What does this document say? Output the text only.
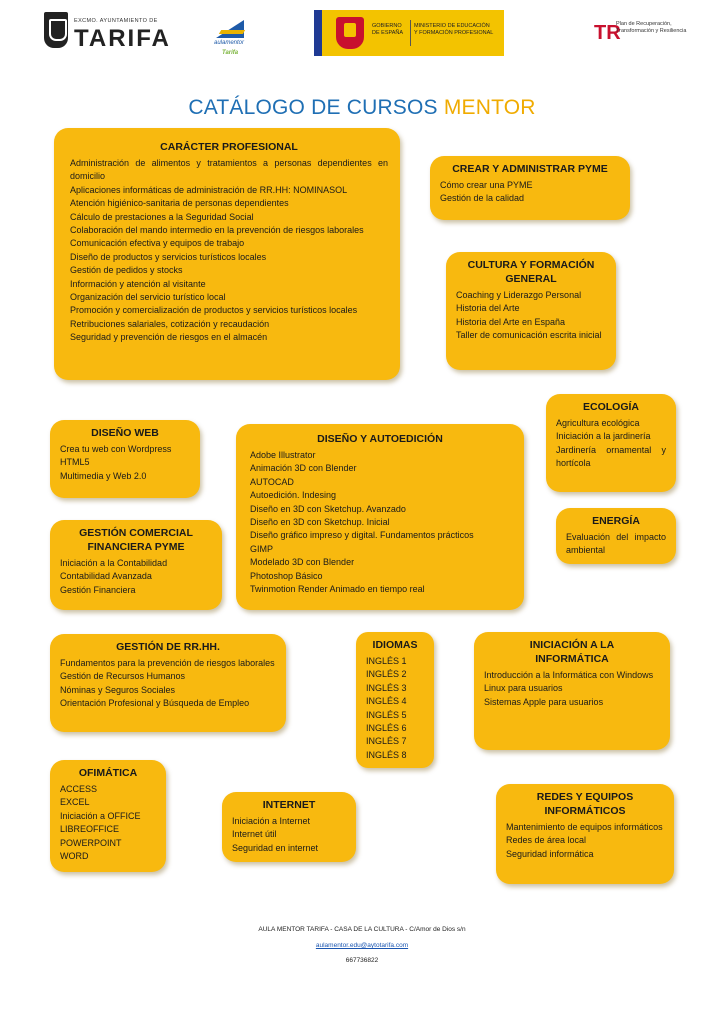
EXCMO. AYUNTAMIENTO DE
TARIFA	aulamentor
Tarifa
GOBIERNO DE ESPAÑA
MINISTERIO DE EDUCACIÓN Y FORMACIÓN PROFESIONAL	TR
Plan de Recuperación, Transformación y Resiliencia
CATÁLOGO DE CURSOS MENTOR
CARÁCTER PROFESIONAL
Administración de alimentos y tratamientos a personas dependientes en domicilio
Aplicaciones informáticas de administración de RR.HH: NOMINASOL
Atención higiénico-sanitaria de personas dependientes
Cálculo de prestaciones a la Seguridad Social
Colaboración del mando intermedio en la prevención de riesgos laborales
Comunicación efectiva y equipos de trabajo
Diseño de productos y servicios turísticos locales
Gestión de pedidos y stocks
Información y atención al visitante
Organización del servicio turístico local
Promoción y comercialización de productos y servicios turísticos locales
Retribuciones salariales, cotización y recaudación
Seguridad y prevención de riesgos en el almacén
CREAR Y ADMINISTRAR PYME
Cómo crear una PYME
Gestión de la calidad
CULTURA Y FORMACIÓN GENERAL
Coaching y Liderazgo Personal
Historia del Arte
Historia del Arte en España
Taller de comunicación escrita inicial
ECOLOGÍA
Agricultura ecológica
Iniciación a la jardinería
Jardinería ornamental y hortícola
DISEÑO WEB
Crea tu web con Wordpress
HTML5
Multimedia y Web 2.0
DISEÑO Y AUTOEDICIÓN
Adobe Illustrator
Animación 3D con Blender
AUTOCAD
Autoedición. Indesing
Diseño en 3D con Sketchup. Avanzado
Diseño en 3D con Sketchup. Inicial
Diseño gráfico impreso y digital. Fundamentos prácticos
GIMP
Modelado 3D con Blender
Photoshop Básico
Twinmotion Render Animado en tiempo real
ENERGÍA
Evaluación del impacto ambiental
GESTIÓN COMERCIAL FINANCIERA PYME
Iniciación a la Contabilidad
Contabilidad Avanzada
Gestión Financiera
GESTIÓN DE RR.HH.
Fundamentos para la prevención de riesgos laborales
Gestión de Recursos Humanos
Nóminas y Seguros Sociales
Orientación Profesional y Búsqueda de Empleo
IDIOMAS
INGLÉS 1
INGLÉS 2
INGLÉS 3
INGLÉS 4
INGLÉS 5
INGLÉS 6
INGLÉS 7
INGLÉS 8
INICIACIÓN A LA INFORMÁTICA
Introducción a la Informática con Windows
Linux para usuarios
Sistemas Apple para usuarios
OFIMÁTICA
ACCESS
EXCEL
Iniciación a OFFICE
LIBREOFFICE
POWERPOINT
WORD
INTERNET
Iniciación a Internet
Internet útil
Seguridad en internet
REDES Y EQUIPOS INFORMÁTICOS
Mantenimiento de equipos informáticos
Redes de área local
Seguridad informática
AULA MENTOR TARIFA - CASA DE LA CULTURA - C/Amor de Dios s/n
aulamentor.edu@aytotarifa.com
667736822
